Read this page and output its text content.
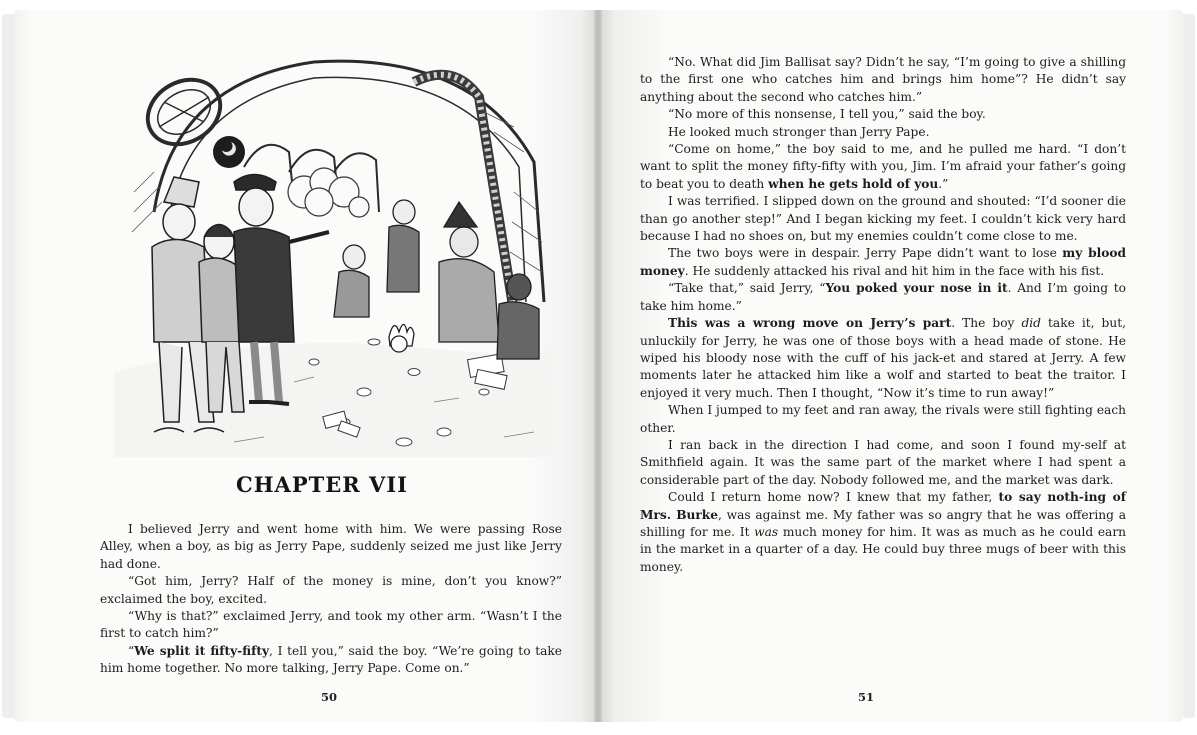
CHAPTER VII

I believed Jerry and went home with him. We were passing Rose Alley, when a boy, as big as Jerry Pape, suddenly seized me just like Jerry had done.

“Got him, Jerry? Half of the money is mine, don’t you know?” exclaimed the boy, excited.

“Why is that?” exclaimed Jerry, and took my other arm. “Wasn’t I the first to catch him?”

“We split it fifty-fifty, I tell you,” said the boy. “We’re going to take him home together. No more talking, Jerry Pape. Come on.”

50

“No. What did Jim Ballisat say? Didn’t he say, “I’m going to give a shilling to the first one who catches him and brings him home”? He didn’t say anything about the second who catches him.”

“No more of this nonsense, I tell you,” said the boy.

He looked much stronger than Jerry Pape.

“Come on home,” the boy said to me, and he pulled me hard. “I don’t want to split the money fifty-fifty with you, Jim. I’m afraid your father’s going to beat you to death when he gets hold of you.”

I was terrified. I slipped down on the ground and shouted: “I’d sooner die than go another step!” And I began kicking my feet. I couldn’t kick very hard because I had no shoes on, but my enemies couldn’t come close to me.

The two boys were in despair. Jerry Pape didn’t want to lose my blood money. He suddenly attacked his rival and hit him in the face with his fist.

“Take that,” said Jerry, “You poked your nose in it. And I’m going to take him home.”

This was a wrong move on Jerry’s part. The boy did take it, but, unluckily for Jerry, he was one of those boys with a head made of stone. He wiped his bloody nose with the cuff of his jack-et and stared at Jerry. A few moments later he attacked him like a wolf and started to beat the traitor. I enjoyed it very much. Then I thought, “Now it’s time to run away!”

When I jumped to my feet and ran away, the rivals were still fighting each other.

I ran back in the direction I had come, and soon I found my-self at Smithfield again. It was the same part of the market where I had spent a considerable part of the day. Nobody followed me, and the market was dark.

Could I return home now? I knew that my father, to say noth-ing of Mrs. Burke, was against me. My father was so angry that he was offering a shilling for me. It was much money for him. It was as much as he could earn in the market in a quarter of a day. He could buy three mugs of beer with this money.

51
